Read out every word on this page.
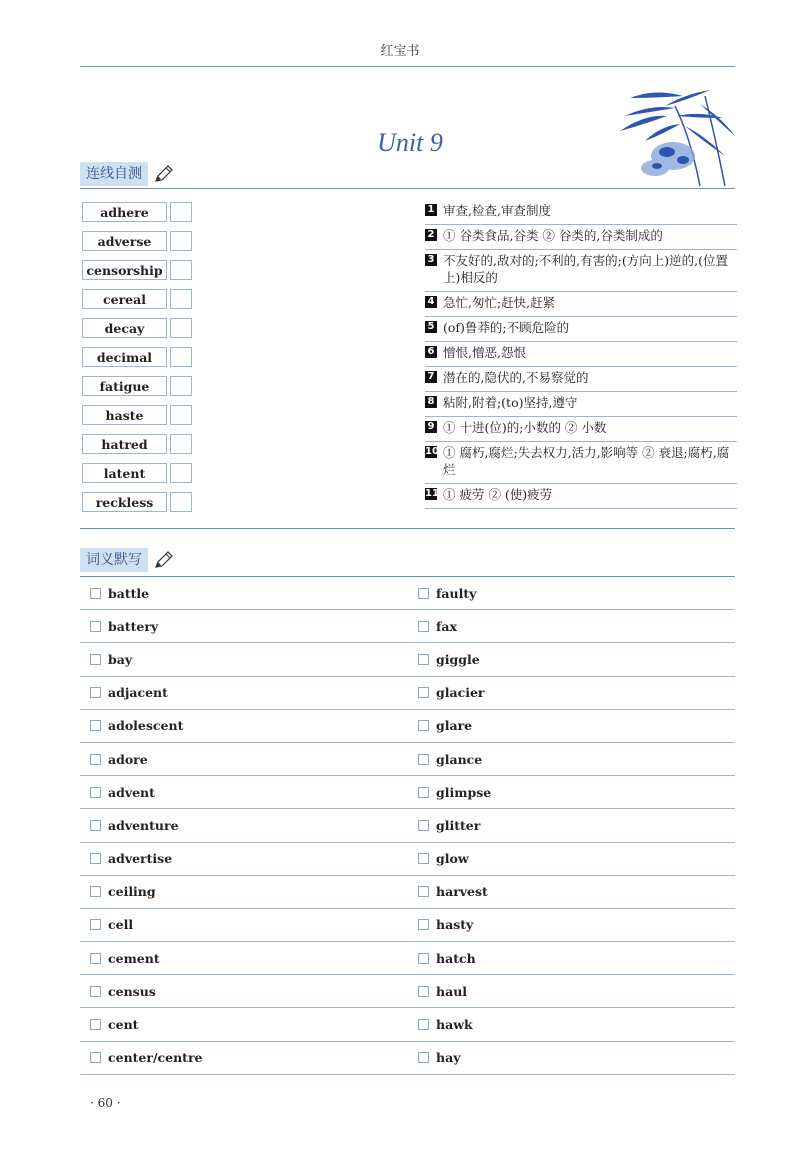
红宝书
Unit 9
连线自测
adhere
adverse
censorship
cereal
decay
decimal
fatigue
haste
hatred
latent
reckless
1 审查,检查,审查制度
2 ① 谷类食品,谷类 ② 谷类的,谷类制成的
3 不友好的,敌对的;不利的,有害的;(方向上)逆的,(位置上)相反的
4 急忙,匆忙;赶快,赶紧
5 (of)鲁莽的;不顾危险的
6 憎恨,憎恶,怨恨
7 潜在的,隐伏的,不易察觉的
8 粘附,附着;(to)坚持,遵守
9 ① 十进(位)的;小数的 ② 小数
10 ① 腐朽,腐烂;失去权力,活力,影响等 ② 衰退;腐朽,腐烂
11 ① 疲劳 ② (使)疲劳
词义默写
battle	faulty
battery	fax
bay	giggle
adjacent	glacier
adolescent	glare
adore	glance
advent	glimpse
adventure	glitter
advertise	glow
ceiling	harvest
cell	hasty
cement	hatch
census	haul
cent	hawk
center/centre	hay
· 60 ·
